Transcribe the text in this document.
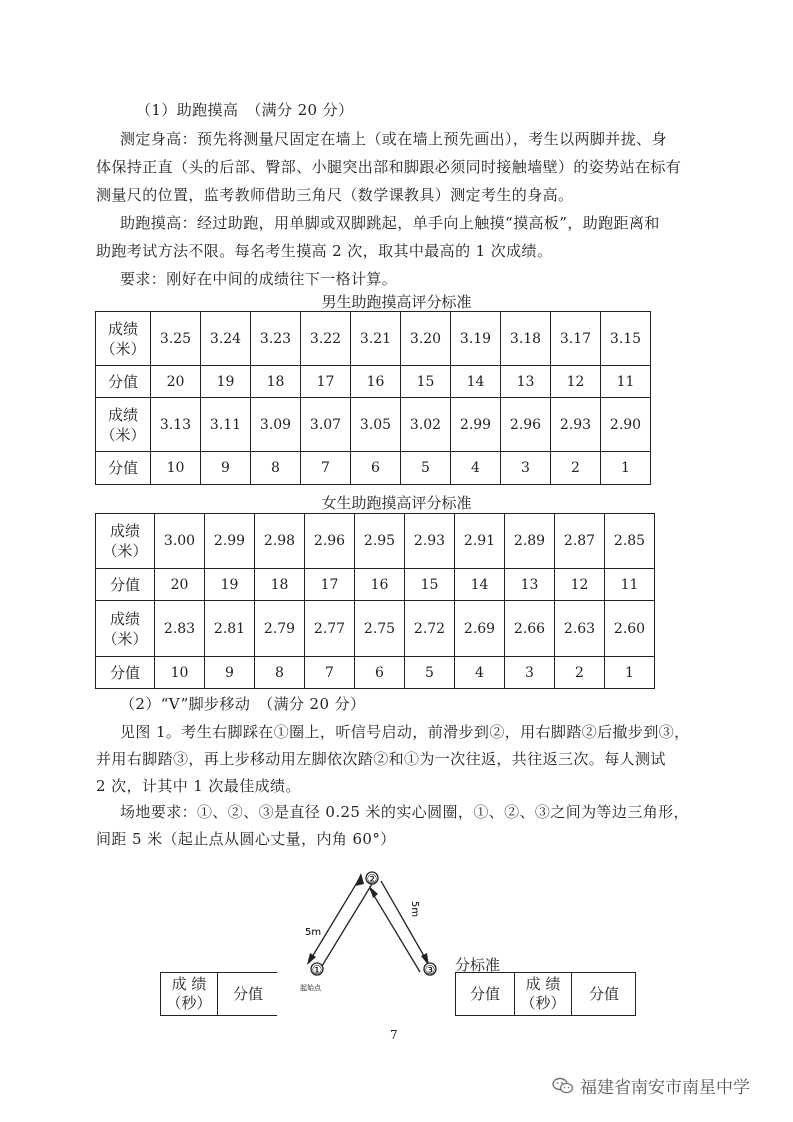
（1）助跑摸高　（满分 20 分）
测定身高：预先将测量尺固定在墙上（或在墙上预先画出），考生以两脚并拢、身
体保持正直（头的后部、臀部、小腿突出部和脚跟必须同时接触墙壁）的姿势站在标有
测量尺的位置，监考教师借助三角尺（数学课教具）测定考生的身高。
助跑摸高：经过助跑，用单脚或双脚跳起，单手向上触摸“摸高板”，助跑距离和
助跑考试方法不限。每名考生摸高 2 次，取其中最高的 1 次成绩。
要求：刚好在中间的成绩往下一格计算。
男生助跑摸高评分标准
成绩
（米）	3.25	3.24	3.23	3.22	3.21	3.20	3.19	3.18	3.17	3.15
分值	20	19	18	17	16	15	14	13	12	11

成绩
（米）	3.13	3.11	3.09	3.07	3.05	3.02	2.99	2.96	2.93	2.90
分值	10	9	8	7	6	5	4	3	2	1
女生助跑摸高评分标准
成绩
（米）	3.00	2.99	2.98	2.96	2.95	2.93	2.91	2.89	2.87	2.85
分值	20	19	18	17	16	15	14	13	12	11

成绩
（米）	2.83	2.81	2.79	2.77	2.75	2.72	2.69	2.66	2.63	2.60
分值	10	9	8	7	6	5	4	3	2	1
（2）“V”脚步移动　（满分 20 分）
见图 1。考生右脚踩在①圈上，听信号启动，前滑步到②，用右脚踏②后撤步到③，
并用右脚踏③，再上步移动用左脚依次踏②和①为一次往返，共往返三次。每人测试
2 次，计其中 1 次最佳成绩。
场地要求：①、②、③是直径 0.25 米的实心圆圈，①、②、③之间为等边三角形，
间距 5 米（起止点从圆心丈量，内角 60°）
分标准
成 绩
（秒）	分值	分值
成 绩
（秒）	分值
②
①	③
5m
5m
起始点
7
福建省南安市南星中学
